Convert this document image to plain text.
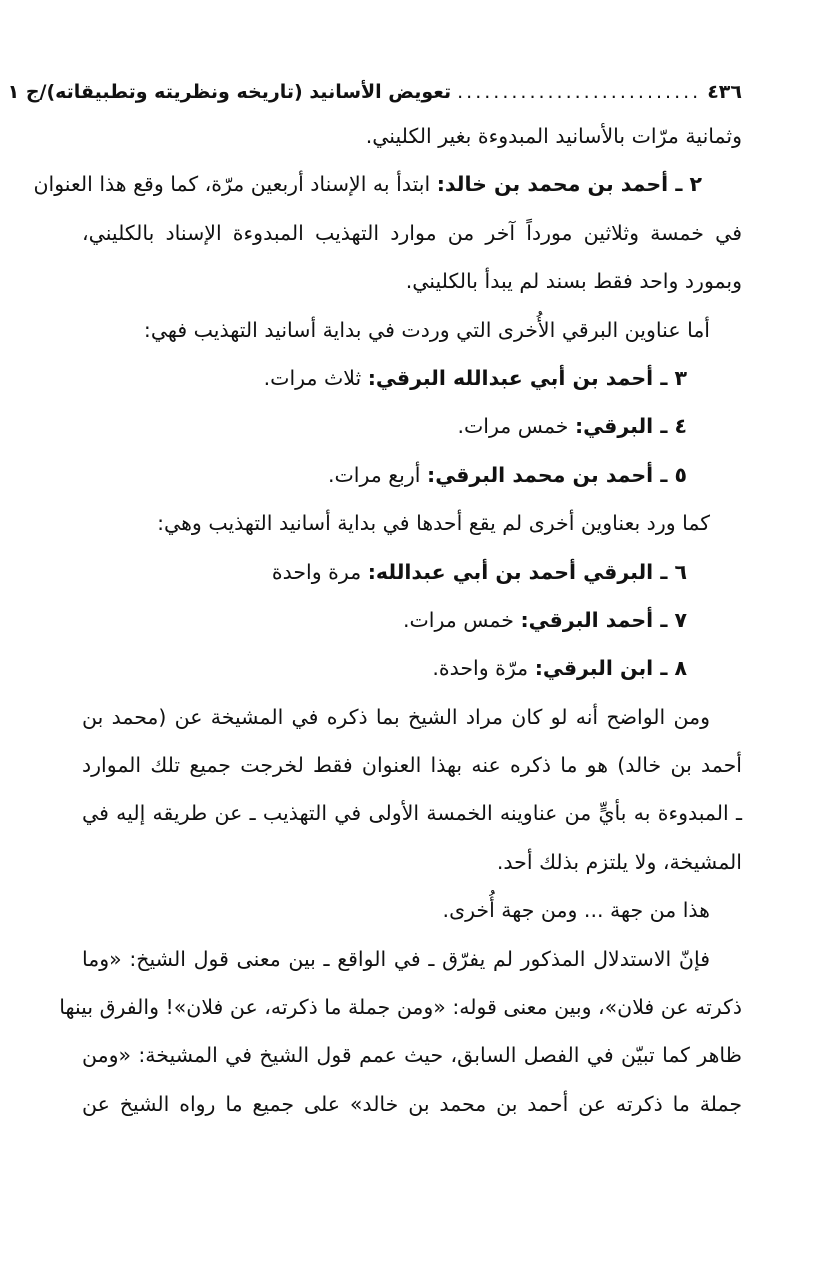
٤٣٦
...........................
تعويض الأسانيد (تاريخه ونظريته وتطبيقاته)/ج ١
وثمانية مرّات بالأسانيد المبدوءة بغير الكليني.
٢ ـ أحمد بن محمد بن خالد: ابتدأ به الإسناد أربعين مرّة، كما وقع هذا العنوان
في خمسة وثلاثين مورداً آخر من موارد التهذيب المبدوءة الإسناد بالكليني،
وبمورد واحد فقط بسند لم يبدأ بالكليني.
أما عناوين البرقي الأُخرى التي وردت في بداية أسانيد التهذيب فهي:
٣ ـ أحمد بن أبي عبدالله البرقي: ثلاث مرات.
٤ ـ البرقي: خمس مرات.
٥ ـ أحمد بن محمد البرقي: أربع مرات.
كما ورد بعناوين أخرى لم يقع أحدها في بداية أسانيد التهذيب وهي:
٦ ـ البرقي أحمد بن أبي عبدالله: مرة واحدة
٧ ـ أحمد البرقي: خمس مرات.
٨ ـ ابن البرقي: مرّة واحدة.
ومن الواضح أنه لو كان مراد الشيخ بما ذكره في المشيخة عن (محمد بن
أحمد بن خالد) هو ما ذكره عنه بهذا العنوان فقط لخرجت جميع تلك الموارد
ـ المبدوءة به بأيٍّ من عناوينه الخمسة الأولى في التهذيب ـ عن طريقه إليه في
المشيخة، ولا يلتزم بذلك أحد.
هذا من جهة ... ومن جهة أُخرى.
فإنّ الاستدلال المذكور لم يفرّق ـ في الواقع ـ بين معنى قول الشيخ: «وما
ذكرته عن فلان»، وبين معنى قوله: «ومن جملة ما ذكرته، عن فلان»! والفرق بينها
ظاهر كما تبيّن في الفصل السابق، حيث عمم قول الشيخ في المشيخة: «ومن
جملة ما ذكرته عن أحمد بن محمد بن خالد» على جميع ما رواه الشيخ عن
